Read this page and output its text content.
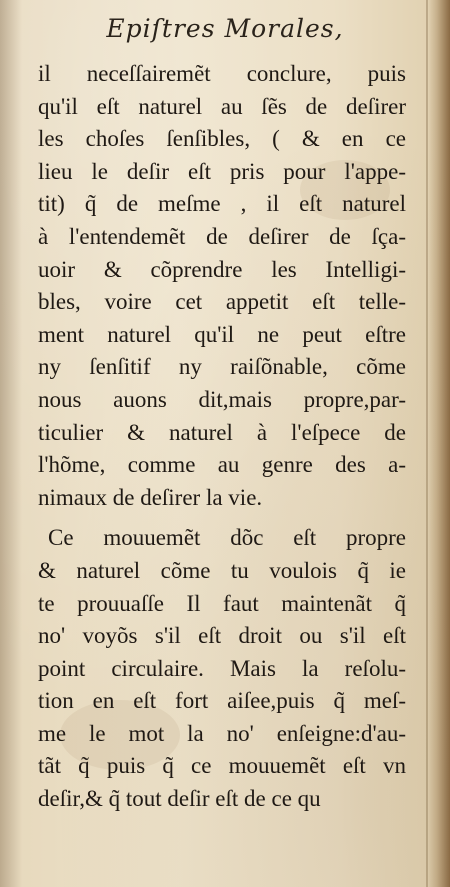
Epiſtres Morales,
il neceſſairemẽt conclure, puis
qu'il eſt naturel au ſẽs de deſirer
les choſes ſenſibles, ( & en ce
lieu le deſir eſt pris pour l'appe-
tit) q̃ de meſme , il eſt naturel
à l'entendemẽt de deſirer de ſça-
uoir & cõprendre les Intelligi-
bles, voire cet appetit eſt telle-
ment naturel qu'il ne peut eſtre
ny ſenſitif ny raiſõnable, cõme
nous auons dit,mais propre,par-
ticulier & naturel à l'eſpece de
l'hõme, comme au genre des a-
nimaux de deſirer la vie.
Ce mouuemẽt dõc eſt propre
& naturel cõme tu voulois q̃ ie
te prouuaſſe Il faut maintenãt q̃
no' voyõs s'il eſt droit ou s'il eſt
point circulaire. Mais la reſolu-
tion en eſt fort aiſee,puis q̃ meſ-
me le mot la no' enſeigne:d'au-
tãt q̃ puis q̃ ce mouuemẽt eſt vn
deſir,& q̃ tout deſir eſt de ce qu
